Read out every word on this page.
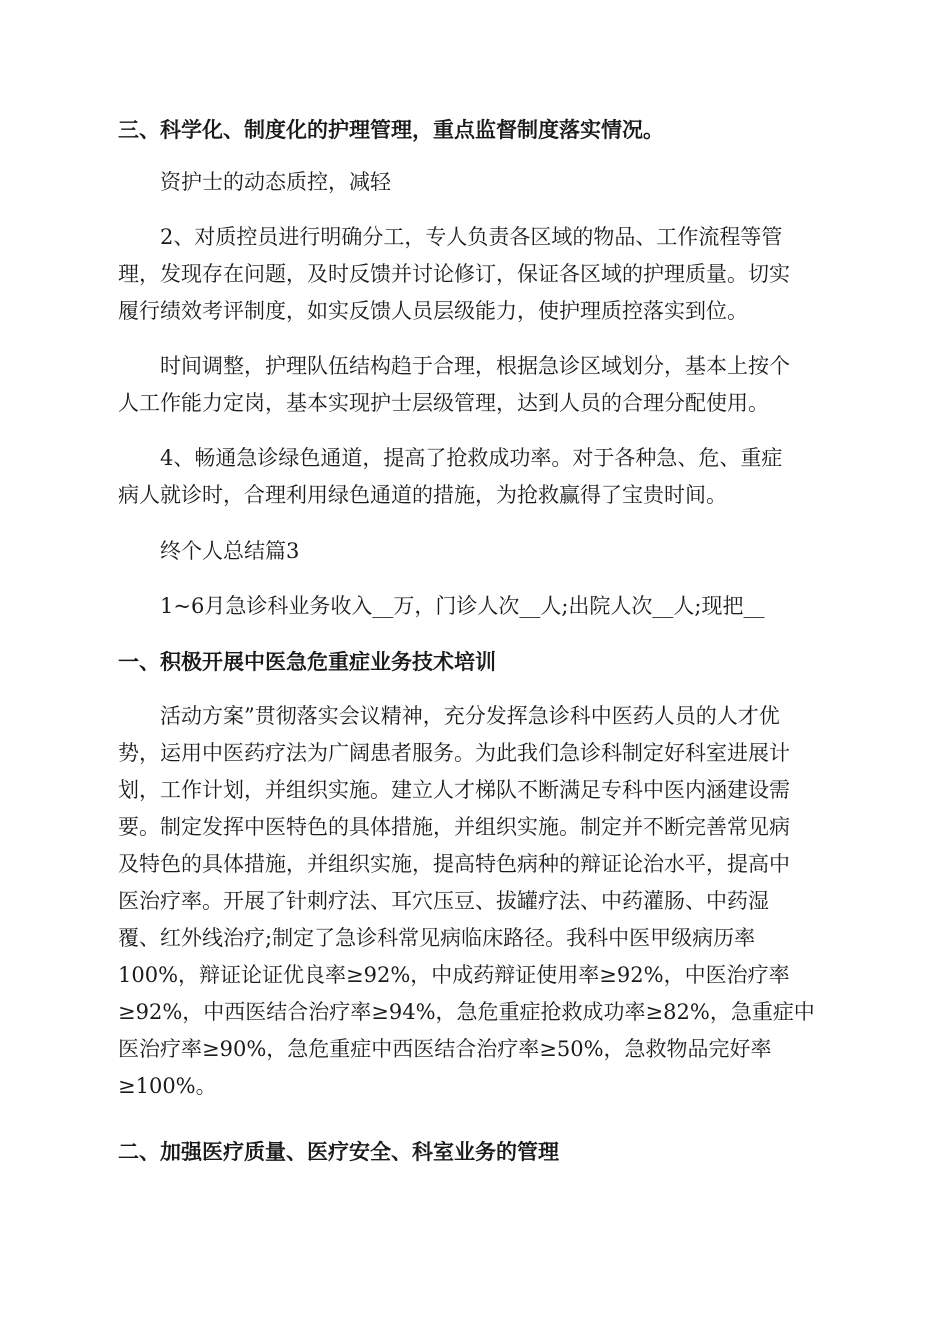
三、科学化、制度化的护理管理，重点监督制度落实情况。
资护士的动态质控，减轻
2、对质控员进行明确分工，专人负责各区域的物品、工作流程等管
理，发现存在问题，及时反馈并讨论修订，保证各区域的护理质量。切实
履行绩效考评制度，如实反馈人员层级能力，使护理质控落实到位。
时间调整，护理队伍结构趋于合理，根据急诊区域划分，基本上按个
人工作能力定岗，基本实现护士层级管理，达到人员的合理分配使用。
4、畅通急诊绿色通道，提高了抢救成功率。对于各种急、危、重症
病人就诊时，合理利用绿色通道的措施，为抢救赢得了宝贵时间。
终个人总结篇3
1~6月急诊科业务收入__万，门诊人次__人;出院人次__人;现把__
一、积极开展中医急危重症业务技术培训
活动方案”贯彻落实会议精神，充分发挥急诊科中医药人员的人才优
势，运用中医药疗法为广阔患者服务。为此我们急诊科制定好科室进展计
划，工作计划，并组织实施。建立人才梯队不断满足专科中医内涵建设需
要。制定发挥中医特色的具体措施，并组织实施。制定并不断完善常见病
及特色的具体措施，并组织实施，提高特色病种的辩证论治水平，提高中
医治疗率。开展了针刺疗法、耳穴压豆、拔罐疗法、中药灌肠、中药湿
覆、红外线治疗;制定了急诊科常见病临床路径。我科中医甲级病历率
100%，辩证论证优良率≥92%，中成药辩证使用率≥92%，中医治疗率
≥92%，中西医结合治疗率≥94%，急危重症抢救成功率≥82%，急重症中
医治疗率≥90%，急危重症中西医结合治疗率≥50%，急救物品完好率
≥100%。
二、加强医疗质量、医疗安全、科室业务的管理
